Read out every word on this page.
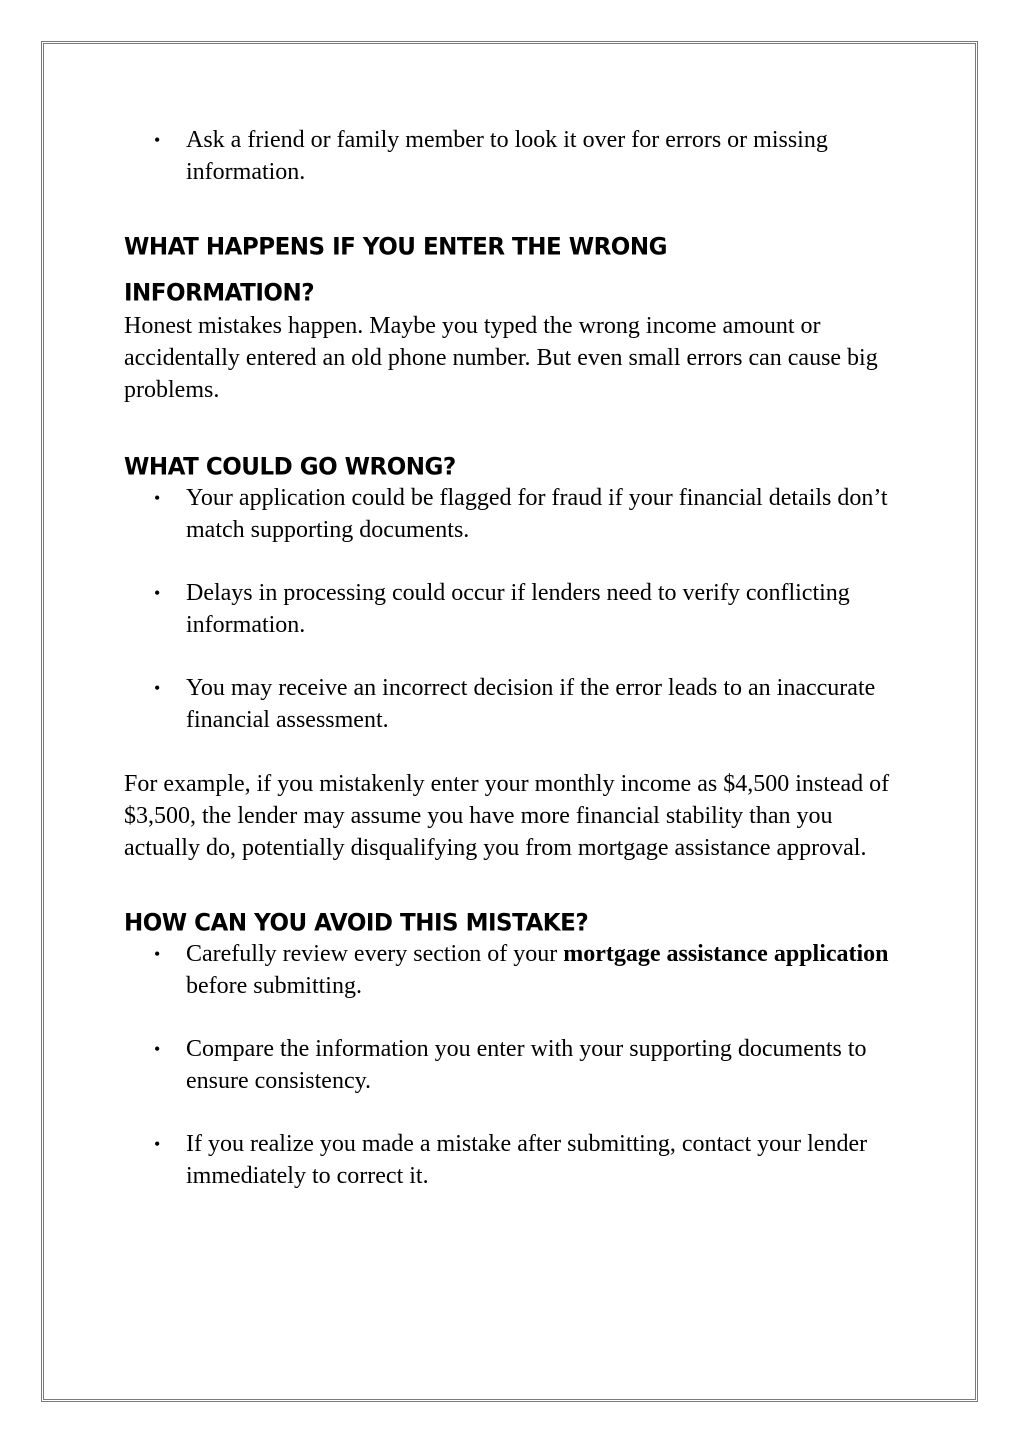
• Ask a friend or family member to look it over for errors or missing information.
WHAT HAPPENS IF YOU ENTER THE WRONG INFORMATION?

Honest mistakes happen. Maybe you typed the wrong income amount or accidentally entered an old phone number. But even small errors can cause big problems.

WHAT COULD GO WRONG?
• Your application could be flagged for fraud if your financial details don’t match supporting documents.
• Delays in processing could occur if lenders need to verify conflicting information.
• You may receive an incorrect decision if the error leads to an inaccurate financial assessment.

For example, if you mistakenly enter your monthly income as $4,500 instead of $3,500, the lender may assume you have more financial stability than you actually do, potentially disqualifying you from mortgage assistance approval.

HOW CAN YOU AVOID THIS MISTAKE?
• Carefully review every section of your mortgage assistance application before submitting.
• Compare the information you enter with your supporting documents to ensure consistency.
• If you realize you made a mistake after submitting, contact your lender immediately to correct it.
